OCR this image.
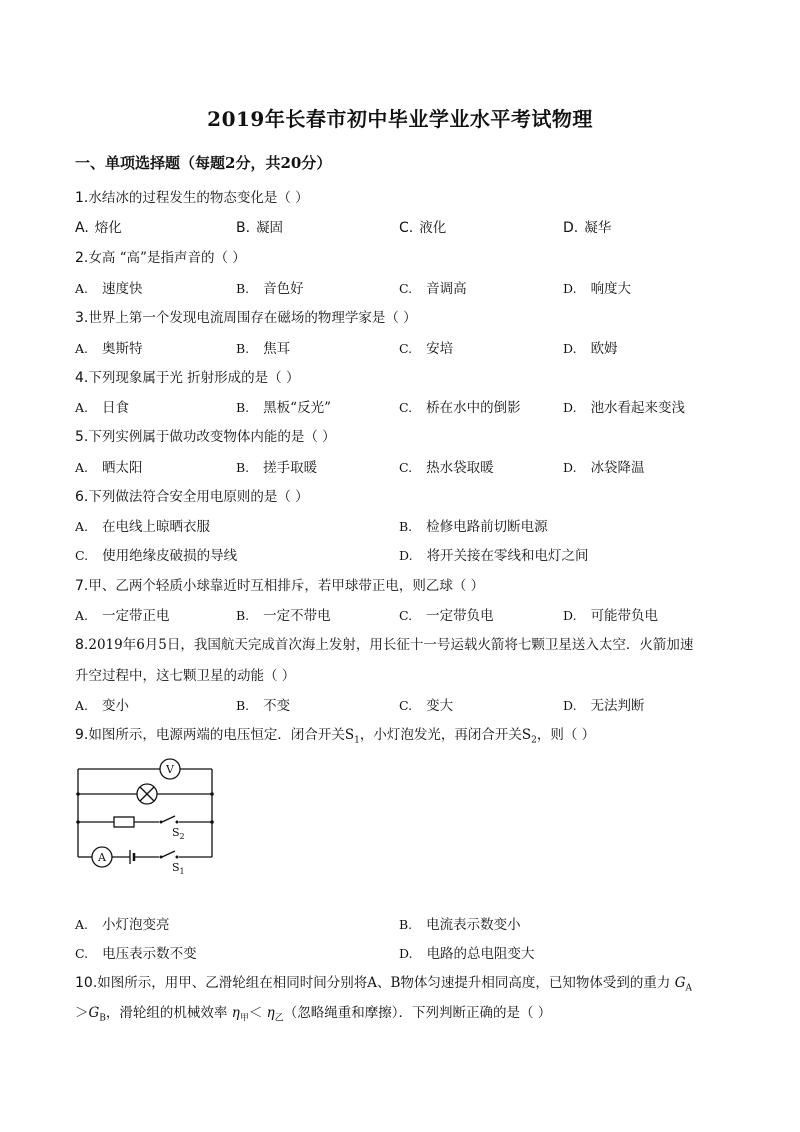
2019年长春市初中毕业学业水平考试物理
一、单项选择题（每题2分，共20分）
1.水结冰的过程发生的物态变化是（ ）
A. 熔化	B. 凝固	C. 液化	D. 凝华
2.女高 “高”是指声音的（ ）
A. 速度快	B. 音色好	C. 音调高	D. 响度大
3.世界上第一个发现电流周围存在磁场的物理学家是（ ）
A. 奥斯特	B. 焦耳	C. 安培	D. 欧姆
4.下列现象属于光 折射形成的是（ ）
A. 日食	B. 黑板“反光”	C. 桥在水中的倒影	D. 池水看起来变浅
5.下列实例属于做功改变物体内能的是（ ）
A. 晒太阳	B. 搓手取暖	C. 热水袋取暖	D. 冰袋降温
6.下列做法符合安全用电原则的是（ ）
A. 在电线上晾晒衣服	B. 检修电路前切断电源
C. 使用绝缘皮破损的导线	D. 将开关接在零线和电灯之间
7.甲、乙两个轻质小球靠近时互相排斥，若甲球带正电，则乙球（ ）
A. 一定带正电	B. 一定不带电	C. 一定带负电	D. 可能带负电
8.2019年6月5日，我国航天完成首次海上发射，用长征十一号运载火箭将七颗卫星送入太空．火箭加速
升空过程中，这七颗卫星的动能（ ）
A. 变小	B. 不变	C. 变大	D. 无法判断
9.如图所示，电源两端的电压恒定．闭合开关$S_1$，小灯泡发光，再闭合开关$S_2$，则（ ）
V
A
$S_2$
$S_1$
A. 小灯泡变亮	B. 电流表示数变小
C. 电压表示数不变	D. 电路的总电阻变大
10.如图所示，用甲、乙滑轮组在相同时间分别将A、B物体匀速提升相同高度，已知物体受到的重力 $G_A$
$>G_B$，滑轮组的机械效率 $\eta_甲< \eta_乙$（忽略绳重和摩擦）．下列判断正确的是（ ）
